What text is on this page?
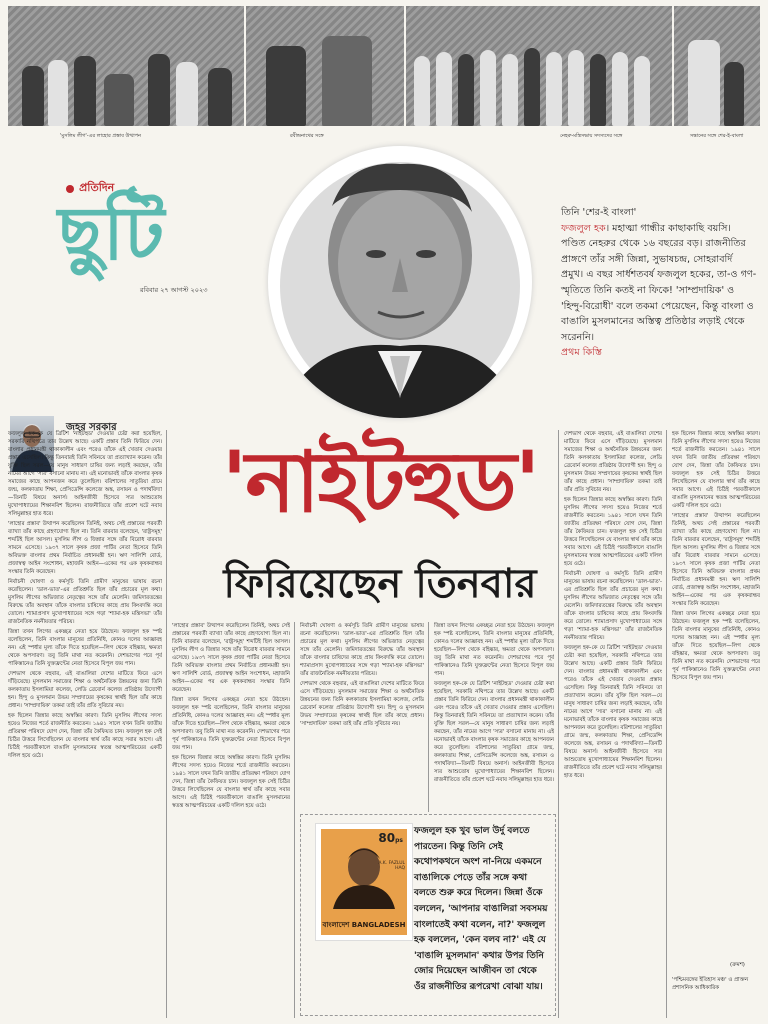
'মুসলিম লীগ'-এর লাহোর প্রস্তাব উত্থাপন	রবীন্দ্রনাথের সঙ্গে	নেহরু-মন্ত্রিসভায় সদস্যদের সঙ্গে	সন্তানের সঙ্গে শের-ই-বাংলা
প্রতিদিন
ছুটি
রবিবার ২৭ আগস্ট ২০২৩
তিনি 'শের-ই বাংলা'
ফজলুল হক। মহাত্মা গান্ধীর কাছাকাছি বয়সি। পণ্ডিত নেহরুর থেকে ১৬ বছরের বড়। রাজনীতির প্রাঙ্গণে তাঁর সঙ্গী জিন্না, সুভাষচন্দ্র, সোহরাবর্দি প্রমুখ। এ বছর সার্ধশতবর্ষ ফজলুল হকের, তা-ও গণ-স্মৃতিতে তিনি কতই না ফিকে! 'সাম্প্রদায়িক' ও 'হিন্দু-বিরোধী' বলে তকমা পেয়েছেন, কিন্তু বাংলা ও বাঙালি মুসলমানের অস্তিত্ব প্রতিষ্ঠার লড়াই থেকে সরেননি।
প্রথম কিস্তি
জহর সরকার
'নাইটহুড'
ফিরিয়েছেন তিনবার

ফজলুল হক-কে যে ব্রিটিশ 'নাইটহুড' দেওয়ার চেষ্টা করা হয়েছিল, সরকারি নথিপত্রে তার উল্লেখ আছে। একটি প্রস্তাব তিনি ফিরিয়ে দেন। বাংলার প্রধানমন্ত্রী থাকাকালীন এবং পরেও তাঁকে এই খেতাব দেওয়ার প্রস্তাব এসেছিল। কিন্তু তিনবারই তিনি সবিনয়ে তা প্রত্যাখ্যান করেন। তাঁর যুক্তি ছিল সরল—যে মানুষ সাধারণ চাষির জন্য লড়াই করছেন, তাঁর নামের আগে 'স্যর' বসানো মানায় না। এই মনোভাবই তাঁকে বাংলার কৃষক সমাজের কাছে আপনজন করে তুলেছিল। বরিশালের সাতুরিয়া গ্রামে জন্ম, কলকাতায় শিক্ষা, প্রেসিডেন্সি কলেজে অঙ্ক, রসায়ন ও পদার্থবিদ্যা—তিনটি বিষয়ে অনার্স। আইনজীবী হিসেবে স্যর আশুতোষ মুখোপাধ্যায়ের শিক্ষানবিশ ছিলেন। রাজনীতিতে তাঁর প্রবেশ ঘটে নবাব সলিমুল্লাহর হাত ধরে।

'লাহোর প্রস্তাব' উত্থাপন করেছিলেন তিনিই, অথচ সেই প্রস্তাবের পরবর্তী ব্যাখ্যা তাঁর কাছে গ্রহণযোগ্য ছিল না। তিনি বারবার বলেছেন, 'রাষ্ট্রসমূহ' শব্দটিই ছিল আসল। মুসলিম লীগ ও জিন্নার সঙ্গে তাঁর বিরোধ বারবার সামনে এসেছে। ১৯৩৭ সালে কৃষক প্রজা পার্টির নেতা হিসেবে তিনি অবিভক্ত বাংলার প্রথম নির্বাচিত প্রধানমন্ত্রী হন। ঋণ সালিশি বোর্ড, প্রজাস্বত্ব আইন সংশোধন, মহাজনি আইন—একের পর এক কৃষকবান্ধব সংস্কার তিনি করেছেন।

নির্বাচনী ঘোষণা ও কর্মসূচি তিনি গ্রামীণ মানুষের ভাষায় রচনা করেছিলেন। 'ডাল-ভাত'-এর প্রতিশ্রুতি ছিল তাঁর প্রচারের মূল কথা। মুসলিম লীগের অভিজাত নেতৃত্বের সঙ্গে তাঁর মেলেনি। জমিদারতন্ত্রের বিরুদ্ধে তাঁর অবস্থান তাঁকে বাংলার চাষিদের কাছে প্রায় কিংবদন্তি করে তোলে। শ্যামাপ্রসাদ মুখোপাধ্যায়ের সঙ্গে গড়া 'শ্যামা-হক মন্ত্রিসভা' তাঁর রাজনৈতিক নমনীয়তার পরিচয়।

জিন্না তখন লিগের একচ্ছত্র নেতা হয়ে উঠছেন। ফজলুল হক স্পষ্ট বলেছিলেন, তিনি বাংলার মানুষের প্রতিনিধি, কোনও দলের আজ্ঞাবহ নন। এই স্পর্ধার মূল্য তাঁকে দিতে হয়েছিল—লিগ থেকে বহিষ্কার, ক্ষমতা থেকে অপসারণ। তবু তিনি মাথা নত করেননি। দেশভাগের পরে পূর্ব পাকিস্তানেও তিনি যুক্তফ্রন্টের নেতা হিসেবে বিপুল জয় পান।

দেশভাগ থেকে বহুবার, এই বাঙালিরা দেশের মাটিতে ফিরে এসে দাঁড়িয়েছে। মুসলমান সমাজের শিক্ষা ও অর্থনৈতিক উন্নয়নের জন্য তিনি কলকাতায় ইসলামিয়া কলেজ, লেডি ব্রেবোর্ন কলেজ প্রতিষ্ঠায় উদ্যোগী হন। হিন্দু ও মুসলমান উভয় সম্প্রদায়ের কৃষকের স্বার্থই ছিল তাঁর কাছে প্রধান। 'সাম্প্রদায়িক' তকমা তাই তাঁর প্রতি সুবিচার নয়।

হক ছিলেন জিন্নার কাছে অস্বস্তির কারণ। তিনি মুসলিম লীগের সদস্য হয়েও নিজের শর্তে রাজনীতি করতেন। ১৯৪১ সালে যখন তিনি জাতীয় প্রতিরক্ষা পরিষদে যোগ দেন, জিন্না তাঁর কৈফিয়ত চান। ফজলুল হক সেই চিঠির উত্তরে লিখেছিলেন যে বাংলার স্বার্থ তাঁর কাছে সবার আগে। এই চিঠিই পরবর্তীকালে বাঙালি মুসলমানের স্বতন্ত্র আত্মপরিচয়ের একটি দলিল হয়ে ওঠে।

'লাহোর প্রস্তাব' উত্থাপন করেছিলেন তিনিই, অথচ সেই প্রস্তাবের পরবর্তী ব্যাখ্যা তাঁর কাছে গ্রহণযোগ্য ছিল না। তিনি বারবার বলেছেন, 'রাষ্ট্রসমূহ' শব্দটিই ছিল আসল। মুসলিম লীগ ও জিন্নার সঙ্গে তাঁর বিরোধ বারবার সামনে এসেছে। ১৯৩৭ সালে কৃষক প্রজা পার্টির নেতা হিসেবে তিনি অবিভক্ত বাংলার প্রথম নির্বাচিত প্রধানমন্ত্রী হন। ঋণ সালিশি বোর্ড, প্রজাস্বত্ব আইন সংশোধন, মহাজনি আইন—একের পর এক কৃষকবান্ধব সংস্কার তিনি করেছেন।

জিন্না তখন লিগের একচ্ছত্র নেতা হয়ে উঠছেন। ফজলুল হক স্পষ্ট বলেছিলেন, তিনি বাংলার মানুষের প্রতিনিধি, কোনও দলের আজ্ঞাবহ নন। এই স্পর্ধার মূল্য তাঁকে দিতে হয়েছিল—লিগ থেকে বহিষ্কার, ক্ষমতা থেকে অপসারণ। তবু তিনি মাথা নত করেননি। দেশভাগের পরে পূর্ব পাকিস্তানেও তিনি যুক্তফ্রন্টের নেতা হিসেবে বিপুল জয় পান।

হক ছিলেন জিন্নার কাছে অস্বস্তির কারণ। তিনি মুসলিম লীগের সদস্য হয়েও নিজের শর্তে রাজনীতি করতেন। ১৯৪১ সালে যখন তিনি জাতীয় প্রতিরক্ষা পরিষদে যোগ দেন, জিন্না তাঁর কৈফিয়ত চান। ফজলুল হক সেই চিঠির উত্তরে লিখেছিলেন যে বাংলার স্বার্থ তাঁর কাছে সবার আগে। এই চিঠিই পরবর্তীকালে বাঙালি মুসলমানের স্বতন্ত্র আত্মপরিচয়ের একটি দলিল হয়ে ওঠে।

নির্বাচনী ঘোষণা ও কর্মসূচি তিনি গ্রামীণ মানুষের ভাষায় রচনা করেছিলেন। 'ডাল-ভাত'-এর প্রতিশ্রুতি ছিল তাঁর প্রচারের মূল কথা। মুসলিম লীগের অভিজাত নেতৃত্বের সঙ্গে তাঁর মেলেনি। জমিদারতন্ত্রের বিরুদ্ধে তাঁর অবস্থান তাঁকে বাংলার চাষিদের কাছে প্রায় কিংবদন্তি করে তোলে। শ্যামাপ্রসাদ মুখোপাধ্যায়ের সঙ্গে গড়া 'শ্যামা-হক মন্ত্রিসভা' তাঁর রাজনৈতিক নমনীয়তার পরিচয়।

দেশভাগ থেকে বহুবার, এই বাঙালিরা দেশের মাটিতে ফিরে এসে দাঁড়িয়েছে। মুসলমান সমাজের শিক্ষা ও অর্থনৈতিক উন্নয়নের জন্য তিনি কলকাতায় ইসলামিয়া কলেজ, লেডি ব্রেবোর্ন কলেজ প্রতিষ্ঠায় উদ্যোগী হন। হিন্দু ও মুসলমান উভয় সম্প্রদায়ের কৃষকের স্বার্থই ছিল তাঁর কাছে প্রধান। 'সাম্প্রদায়িক' তকমা তাই তাঁর প্রতি সুবিচার নয়।

জিন্না তখন লিগের একচ্ছত্র নেতা হয়ে উঠছেন। ফজলুল হক স্পষ্ট বলেছিলেন, তিনি বাংলার মানুষের প্রতিনিধি, কোনও দলের আজ্ঞাবহ নন। এই স্পর্ধার মূল্য তাঁকে দিতে হয়েছিল—লিগ থেকে বহিষ্কার, ক্ষমতা থেকে অপসারণ। তবু তিনি মাথা নত করেননি। দেশভাগের পরে পূর্ব পাকিস্তানেও তিনি যুক্তফ্রন্টের নেতা হিসেবে বিপুল জয় পান।

ফজলুল হক-কে যে ব্রিটিশ 'নাইটহুড' দেওয়ার চেষ্টা করা হয়েছিল, সরকারি নথিপত্রে তার উল্লেখ আছে। একটি প্রস্তাব তিনি ফিরিয়ে দেন। বাংলার প্রধানমন্ত্রী থাকাকালীন এবং পরেও তাঁকে এই খেতাব দেওয়ার প্রস্তাব এসেছিল। কিন্তু তিনবারই তিনি সবিনয়ে তা প্রত্যাখ্যান করেন। তাঁর যুক্তি ছিল সরল—যে মানুষ সাধারণ চাষির জন্য লড়াই করছেন, তাঁর নামের আগে 'স্যর' বসানো মানায় না। এই মনোভাবই তাঁকে বাংলার কৃষক সমাজের কাছে আপনজন করে তুলেছিল। বরিশালের সাতুরিয়া গ্রামে জন্ম, কলকাতায় শিক্ষা, প্রেসিডেন্সি কলেজে অঙ্ক, রসায়ন ও পদার্থবিদ্যা—তিনটি বিষয়ে অনার্স। আইনজীবী হিসেবে স্যর আশুতোষ মুখোপাধ্যায়ের শিক্ষানবিশ ছিলেন। রাজনীতিতে তাঁর প্রবেশ ঘটে নবাব সলিমুল্লাহর হাত ধরে।

দেশভাগ থেকে বহুবার, এই বাঙালিরা দেশের মাটিতে ফিরে এসে দাঁড়িয়েছে। মুসলমান সমাজের শিক্ষা ও অর্থনৈতিক উন্নয়নের জন্য তিনি কলকাতায় ইসলামিয়া কলেজ, লেডি ব্রেবোর্ন কলেজ প্রতিষ্ঠায় উদ্যোগী হন। হিন্দু ও মুসলমান উভয় সম্প্রদায়ের কৃষকের স্বার্থই ছিল তাঁর কাছে প্রধান। 'সাম্প্রদায়িক' তকমা তাই তাঁর প্রতি সুবিচার নয়।

হক ছিলেন জিন্নার কাছে অস্বস্তির কারণ। তিনি মুসলিম লীগের সদস্য হয়েও নিজের শর্তে রাজনীতি করতেন। ১৯৪১ সালে যখন তিনি জাতীয় প্রতিরক্ষা পরিষদে যোগ দেন, জিন্না তাঁর কৈফিয়ত চান। ফজলুল হক সেই চিঠির উত্তরে লিখেছিলেন যে বাংলার স্বার্থ তাঁর কাছে সবার আগে। এই চিঠিই পরবর্তীকালে বাঙালি মুসলমানের স্বতন্ত্র আত্মপরিচয়ের একটি দলিল হয়ে ওঠে।

নির্বাচনী ঘোষণা ও কর্মসূচি তিনি গ্রামীণ মানুষের ভাষায় রচনা করেছিলেন। 'ডাল-ভাত'-এর প্রতিশ্রুতি ছিল তাঁর প্রচারের মূল কথা। মুসলিম লীগের অভিজাত নেতৃত্বের সঙ্গে তাঁর মেলেনি। জমিদারতন্ত্রের বিরুদ্ধে তাঁর অবস্থান তাঁকে বাংলার চাষিদের কাছে প্রায় কিংবদন্তি করে তোলে। শ্যামাপ্রসাদ মুখোপাধ্যায়ের সঙ্গে গড়া 'শ্যামা-হক মন্ত্রিসভা' তাঁর রাজনৈতিক নমনীয়তার পরিচয়।

ফজলুল হক-কে যে ব্রিটিশ 'নাইটহুড' দেওয়ার চেষ্টা করা হয়েছিল, সরকারি নথিপত্রে তার উল্লেখ আছে। একটি প্রস্তাব তিনি ফিরিয়ে দেন। বাংলার প্রধানমন্ত্রী থাকাকালীন এবং পরেও তাঁকে এই খেতাব দেওয়ার প্রস্তাব এসেছিল। কিন্তু তিনবারই তিনি সবিনয়ে তা প্রত্যাখ্যান করেন। তাঁর যুক্তি ছিল সরল—যে মানুষ সাধারণ চাষির জন্য লড়াই করছেন, তাঁর নামের আগে 'স্যর' বসানো মানায় না। এই মনোভাবই তাঁকে বাংলার কৃষক সমাজের কাছে আপনজন করে তুলেছিল। বরিশালের সাতুরিয়া গ্রামে জন্ম, কলকাতায় শিক্ষা, প্রেসিডেন্সি কলেজে অঙ্ক, রসায়ন ও পদার্থবিদ্যা—তিনটি বিষয়ে অনার্স। আইনজীবী হিসেবে স্যর আশুতোষ মুখোপাধ্যায়ের শিক্ষানবিশ ছিলেন। রাজনীতিতে তাঁর প্রবেশ ঘটে নবাব সলিমুল্লাহর হাত ধরে।

হক ছিলেন জিন্নার কাছে অস্বস্তির কারণ। তিনি মুসলিম লীগের সদস্য হয়েও নিজের শর্তে রাজনীতি করতেন। ১৯৪১ সালে যখন তিনি জাতীয় প্রতিরক্ষা পরিষদে যোগ দেন, জিন্না তাঁর কৈফিয়ত চান। ফজলুল হক সেই চিঠির উত্তরে লিখেছিলেন যে বাংলার স্বার্থ তাঁর কাছে সবার আগে। এই চিঠিই পরবর্তীকালে বাঙালি মুসলমানের স্বতন্ত্র আত্মপরিচয়ের একটি দলিল হয়ে ওঠে।

'লাহোর প্রস্তাব' উত্থাপন করেছিলেন তিনিই, অথচ সেই প্রস্তাবের পরবর্তী ব্যাখ্যা তাঁর কাছে গ্রহণযোগ্য ছিল না। তিনি বারবার বলেছেন, 'রাষ্ট্রসমূহ' শব্দটিই ছিল আসল। মুসলিম লীগ ও জিন্নার সঙ্গে তাঁর বিরোধ বারবার সামনে এসেছে। ১৯৩৭ সালে কৃষক প্রজা পার্টির নেতা হিসেবে তিনি অবিভক্ত বাংলার প্রথম নির্বাচিত প্রধানমন্ত্রী হন। ঋণ সালিশি বোর্ড, প্রজাস্বত্ব আইন সংশোধন, মহাজনি আইন—একের পর এক কৃষকবান্ধব সংস্কার তিনি করেছেন।

জিন্না তখন লিগের একচ্ছত্র নেতা হয়ে উঠছেন। ফজলুল হক স্পষ্ট বলেছিলেন, তিনি বাংলার মানুষের প্রতিনিধি, কোনও দলের আজ্ঞাবহ নন। এই স্পর্ধার মূল্য তাঁকে দিতে হয়েছিল—লিগ থেকে বহিষ্কার, ক্ষমতা থেকে অপসারণ। তবু তিনি মাথা নত করেননি। দেশভাগের পরে পূর্ব পাকিস্তানেও তিনি যুক্তফ্রন্টের নেতা হিসেবে বিপুল জয় পান।

(ক্রমশ)
'পশ্চিমবঙ্গের ইতিহাস মঞ্চ' ও প্রাক্তন প্রশাসনিক আধিকারিক
80ps
A.K. FAZLUL HAQ
বাংলাদেশ BANGLADESH
ফজলুল হক খুব ভাল উর্দু বলতে পারতেন। কিন্তু তিনি সেই কথোপকথনে অংশ না-নিয়ে একমনে বাঙালিকে পেড়ে তাঁর সঙ্গে কথা বলতে শুরু করে দিলেন। জিন্না ওঁকে বললেন, 'আপনার বাঙালিরা সবসময় বাংলাতেই কথা বলেন, না?' ফজলুল হক বললেন, 'কেন বলব না?' এই যে 'বাঙালি মুসলমান' কথার উপর তিনি জোর দিয়েছেন আজীবন তা থেকে ওঁর রাজনীতির রূপরেখা বোঝা যায়।
